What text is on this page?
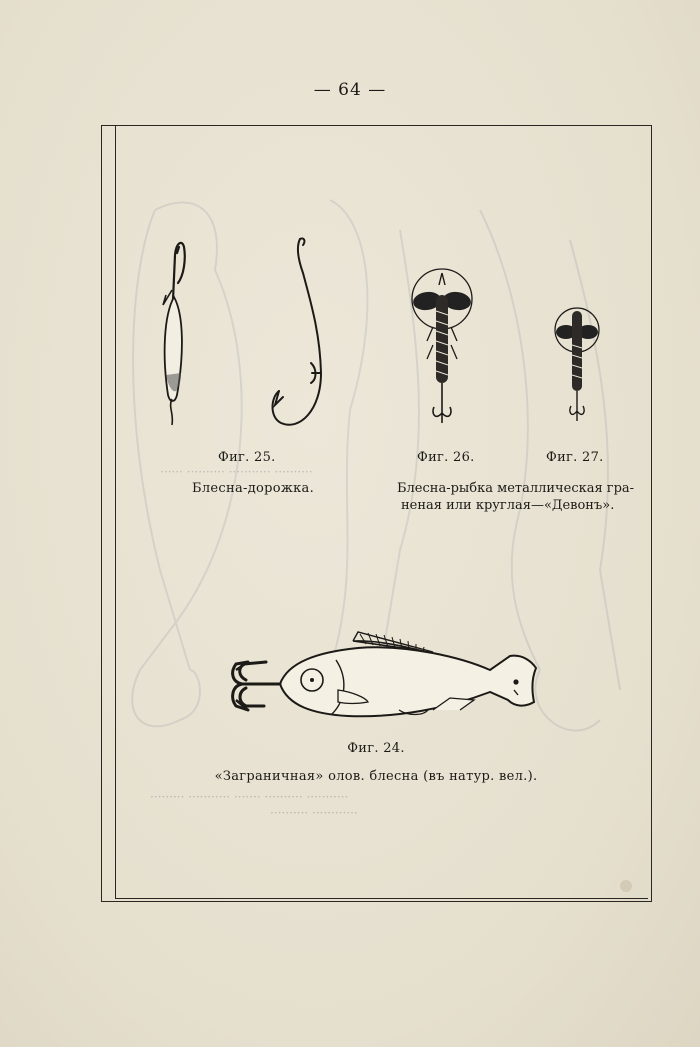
·········· ··········· ·········· ······
··········· ·········· ······· ··········· ·········
············ ··········
— 64 —
Фиг. 25.	Фиг. 26.	Фиг. 27.
Блесна-дорожка.	Блесна-рыбка металлическая гра-
неная или круглая—«Девонъ».
Фиг. 24.
«Заграничная» олов. блесна (въ натур. вел.).
